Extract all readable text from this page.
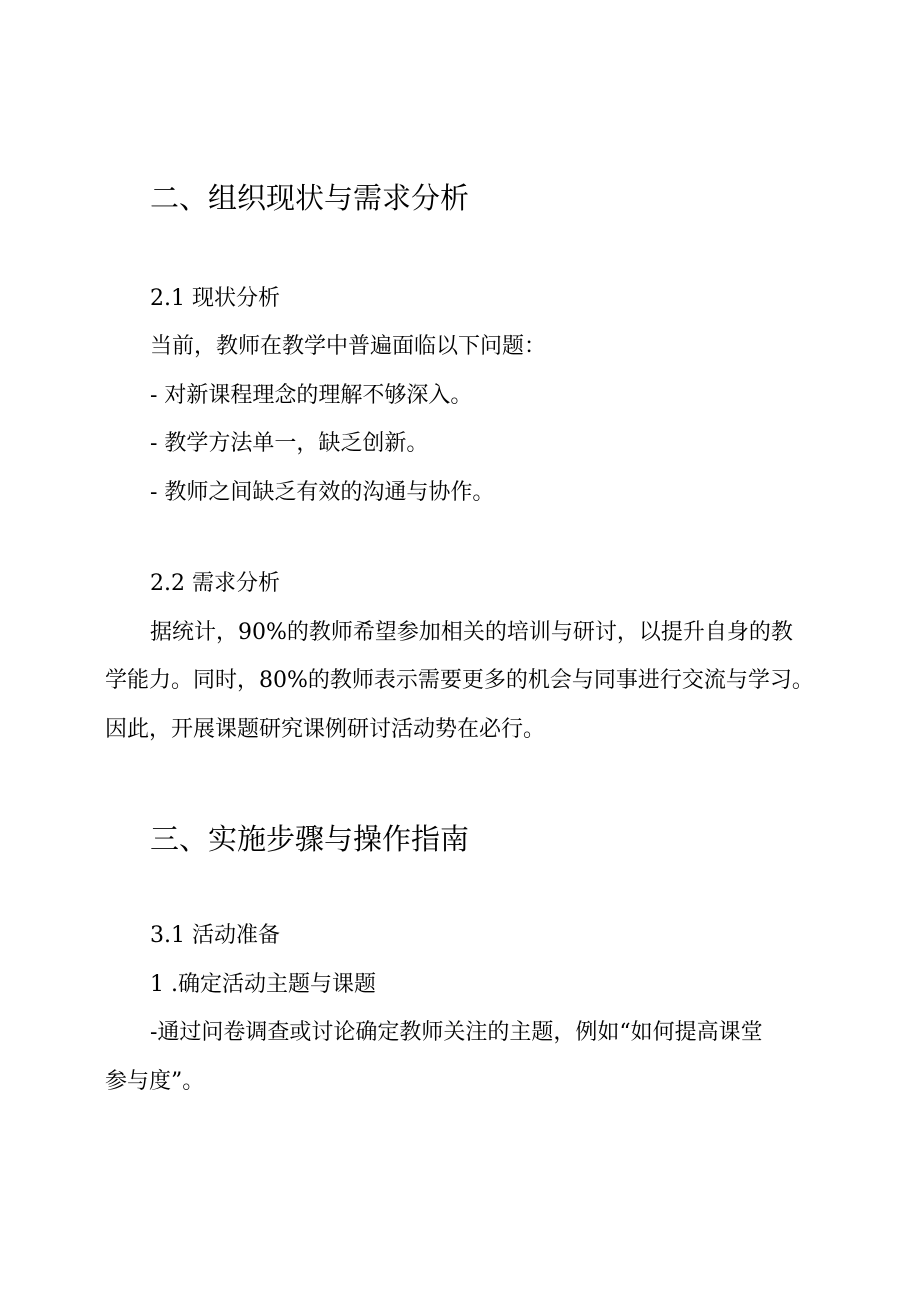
二、组织现状与需求分析

2.1 现状分析

当前，教师在教学中普遍面临以下问题：

- 对新课程理念的理解不够深入。

- 教学方法单一，缺乏创新。

- 教师之间缺乏有效的沟通与协作。

2.2 需求分析

据统计，90%的教师希望参加相关的培训与研讨，以提升自身的教

学能力。同时，80%的教师表示需要更多的机会与同事进行交流与学习。

因此，开展课题研究课例研讨活动势在必行。

三、实施步骤与操作指南

3.1 活动准备

1 .确定活动主题与课题

-通过问卷调查或讨论确定教师关注的主题，例如“如何提高课堂

参与度”。
